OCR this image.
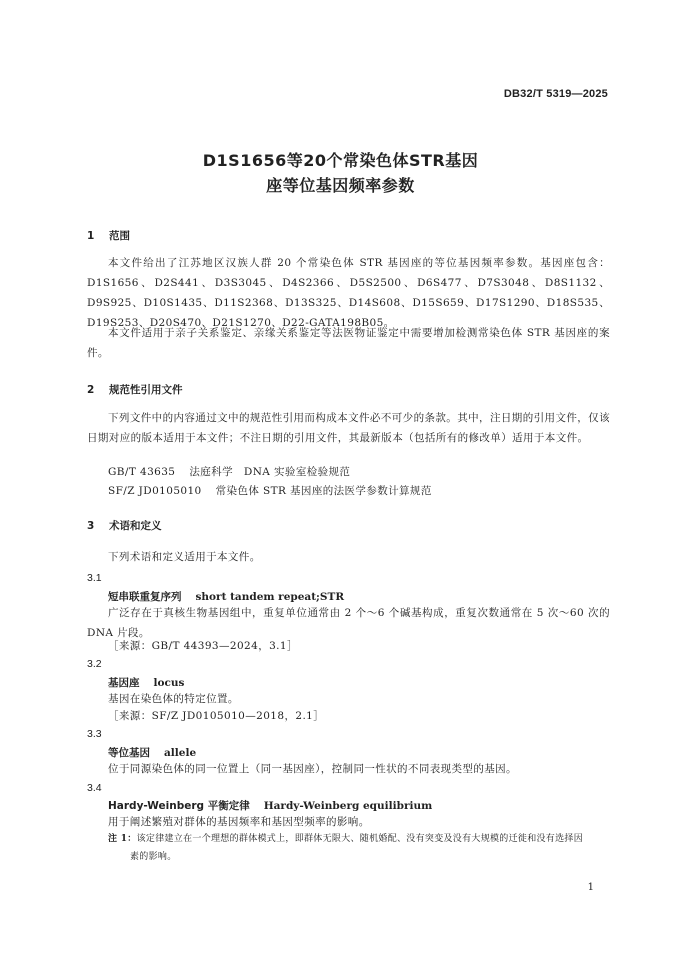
DB32/T 5319—2025
D1S1656等20个常染色体STR基因
座等位基因频率参数
1 范围
本文件给出了江苏地区汉族人群 20 个常染色体 STR 基因座的等位基因频率参数。基因座包含：D1S1656、D2S441、D3S3045、D4S2366、D5S2500、D6S477、D7S3048、D8S1132、D9S925、D10S1435、D11S2368、D13S325、D14S608、D15S659、D17S1290、D18S535、D19S253、D20S470、D21S1270、D22-GATA198B05。
本文件适用于亲子关系鉴定、亲缘关系鉴定等法医物证鉴定中需要增加检测常染色体 STR 基因座的案件。
2 规范性引用文件
下列文件中的内容通过文中的规范性引用而构成本文件必不可少的条款。其中，注日期的引用文件，仅该日期对应的版本适用于本文件；不注日期的引用文件，其最新版本（包括所有的修改单）适用于本文件。
GB/T 43635 法庭科学　DNA 实验室检验规范
SF/Z JD0105010 常染色体 STR 基因座的法医学参数计算规范
3 术语和定义
下列术语和定义适用于本文件。
3.1
短串联重复序列 short tandem repeat;STR
广泛存在于真核生物基因组中，重复单位通常由 2 个～6 个碱基构成，重复次数通常在 5 次～60 次的 DNA 片段。
［来源：GB/T 44393—2024，3.1］
3.2
基因座 locus
基因在染色体的特定位置。
［来源：SF/Z JD0105010—2018，2.1］
3.3
等位基因 allele
位于同源染色体的同一位置上（同一基因座），控制同一性状的不同表现类型的基因。
3.4
Hardy-Weinberg 平衡定律 Hardy-Weinberg equilibrium
用于阐述繁殖对群体的基因频率和基因型频率的影响。
注 1：该定律建立在一个理想的群体模式上，即群体无限大、随机婚配、没有突变及没有大规模的迁徙和没有选择因
素的影响。
1
